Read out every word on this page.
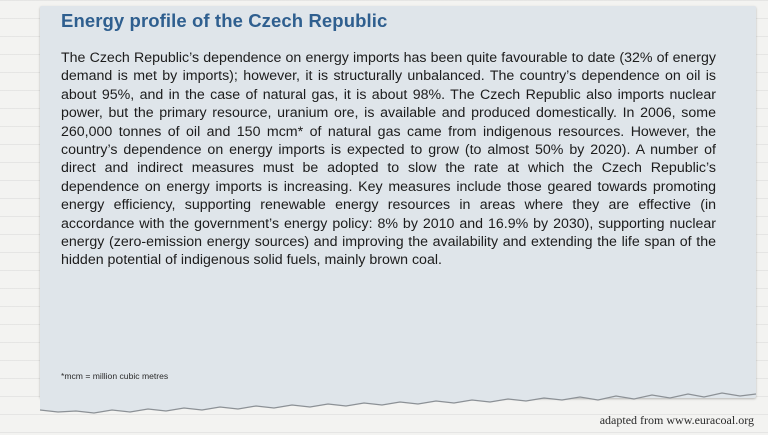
Energy profile of the Czech Republic

The Czech Republic’s dependence on energy imports has been quite favourable to date (32% of energy demand is met by imports); however, it is structurally unbalanced. The country’s dependence on oil is about 95%, and in the case of natural gas, it is about 98%. The Czech Republic also imports nuclear power, but the primary resource, uranium ore, is available and produced domestically. In 2006, some 260,000 tonnes of oil and 150 mcm* of natural gas came from indigenous resources. However, the country’s dependence on energy imports is expected to grow (to almost 50% by 2020). A number of direct and indirect measures must be adopted to slow the rate at which the Czech Republic’s dependence on energy imports is increasing. Key measures include those geared towards promoting energy efficiency, supporting renewable energy resources in areas where they are effective (in accordance with the government’s energy policy: 8% by 2010 and 16.9% by 2030), supporting nuclear energy (zero-emission energy sources) and improving the availability and extending the life span of the hidden potential of indigenous solid fuels, mainly brown coal.

*mcm = million cubic metres

adapted from www.euracoal.org
